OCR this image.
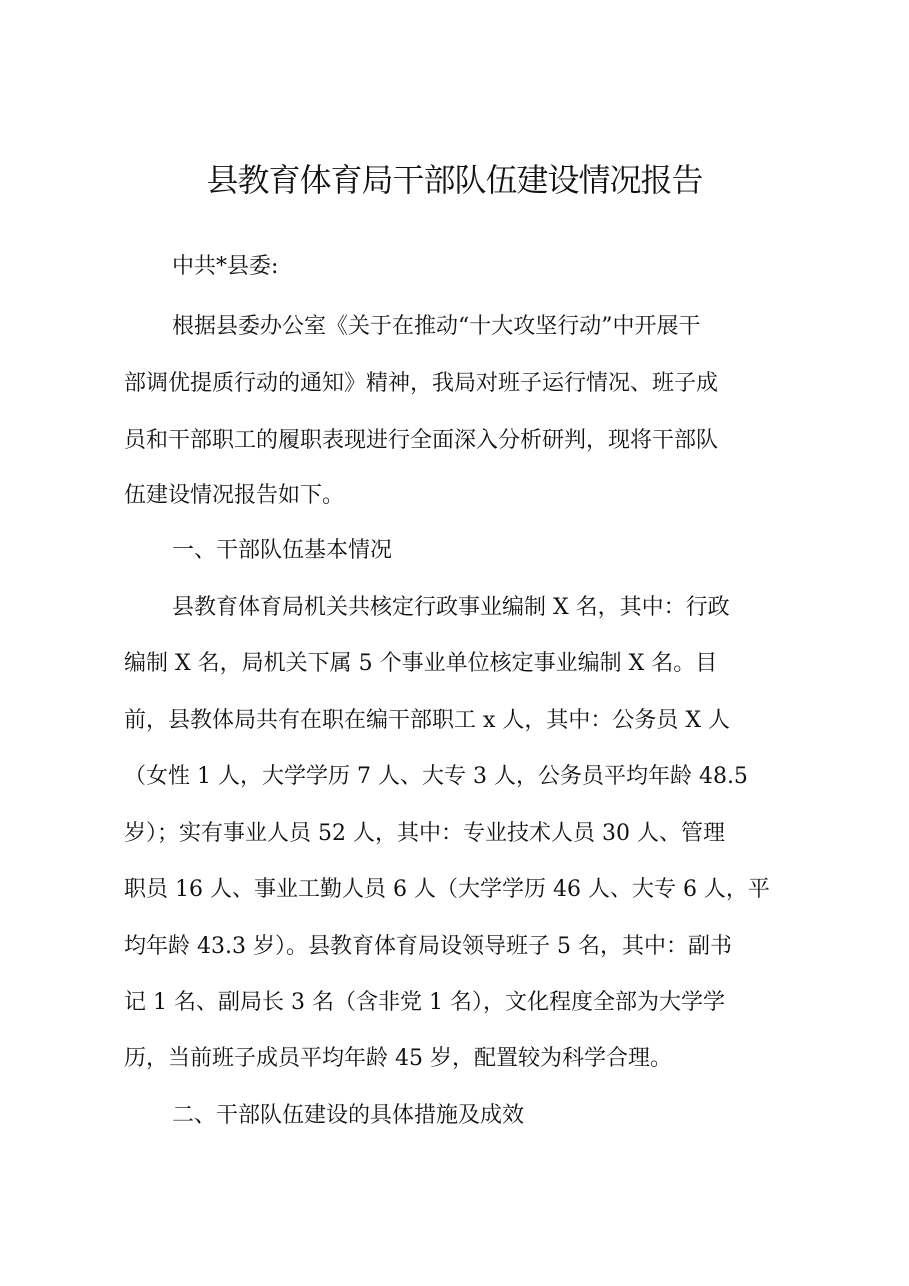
县教育体育局干部队伍建设情况报告
中共*县委:
根据县委办公室《关于在推动“十大攻坚行动”中开展干
部调优提质行动的通知》精神，我局对班子运行情况、班子成
员和干部职工的履职表现进行全面深入分析研判，现将干部队
伍建设情况报告如下。
一、干部队伍基本情况
县教育体育局机关共核定行政事业编制 X 名，其中：行政
编制 X 名，局机关下属 5 个事业单位核定事业编制 X 名。目
前，县教体局共有在职在编干部职工 x 人，其中：公务员 X 人
（女性 1 人，大学学历 7 人、大专 3 人，公务员平均年龄 48.5
岁）；实有事业人员 52 人，其中：专业技术人员 30 人、管理
职员 16 人、事业工勤人员 6 人（大学学历 46 人、大专 6 人，平
均年龄 43.3 岁）。县教育体育局设领导班子 5 名，其中：副书
记 1 名、副局长 3 名（含非党 1 名），文化程度全部为大学学
历，当前班子成员平均年龄 45 岁，配置较为科学合理。
二、干部队伍建设的具体措施及成效
